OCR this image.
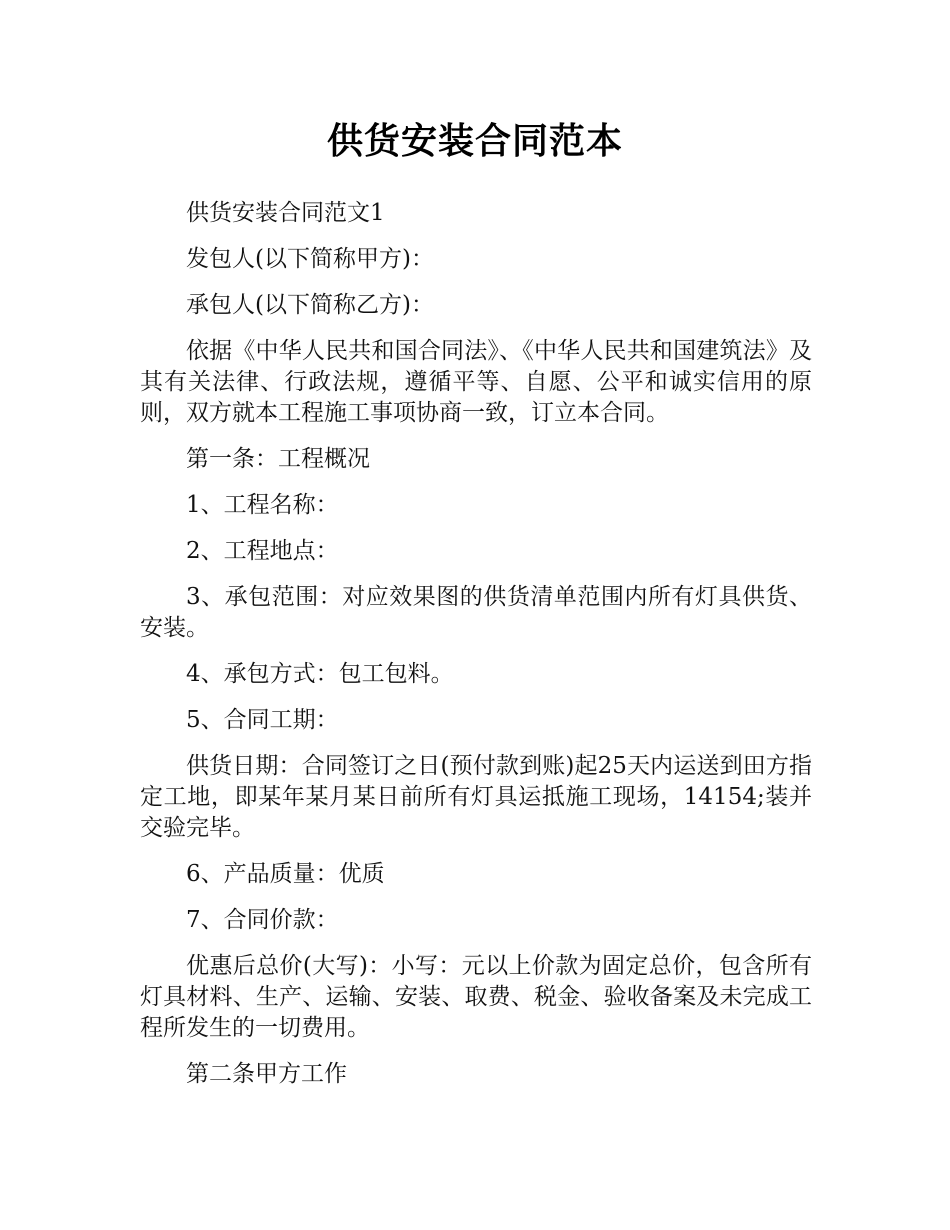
供货安装合同范本

供货安装合同范文1

发包人(以下简称甲方)：

承包人(以下简称乙方)：

依据《中华人民共和国合同法》、《中华人民共和国建筑法》及其有关法律、行政法规，遵循平等、自愿、公平和诚实信用的原则，双方就本工程施工事项协商一致，订立本合同。

第一条：工程概况

1、工程名称：

2、工程地点：

3、承包范围：对应效果图的供货清单范围内所有灯具供货、安装。

4、承包方式：包工包料。

5、合同工期：

供货日期：合同签订之日(预付款到账)起25天内运送到田方指定工地，即某年某月某日前所有灯具运抵施工现场，14154;装并交验完毕。

6、产品质量：优质

7、合同价款：

优惠后总价(大写)：小写：元以上价款为固定总价，包含所有灯具材料、生产、运输、安装、取费、税金、验收备案及未完成工程所发生的一切费用。

第二条甲方工作
